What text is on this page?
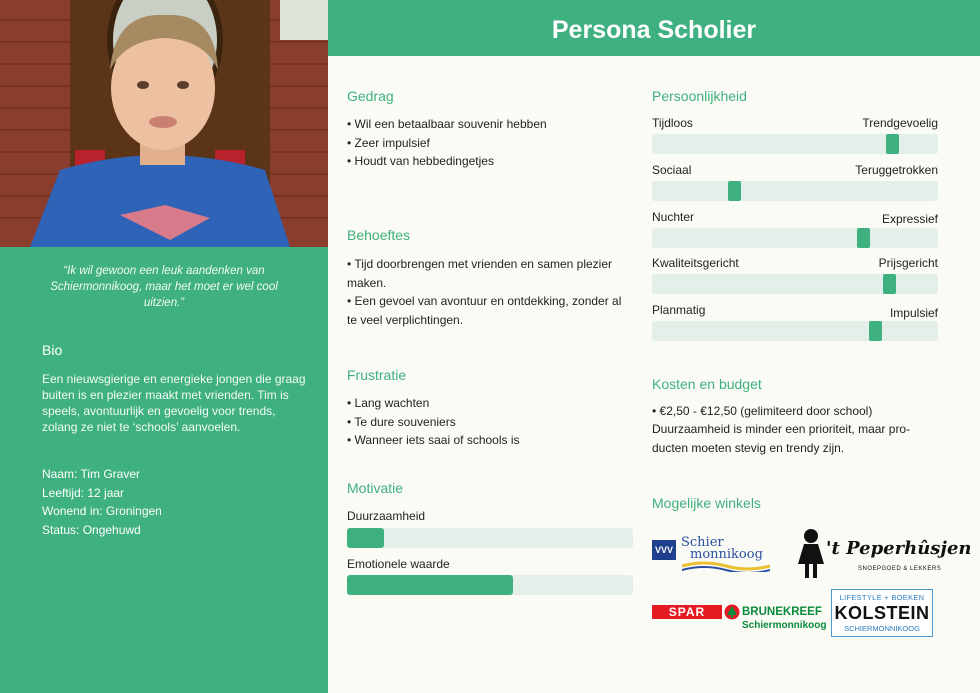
“Ik wil gewoon een leuk aandenken van Schiermonnikoog, maar het moet er wel cool uitzien.”
Bio
Een nieuwsgierige en energieke jongen die graag buiten is en plezier maakt met vrienden. Tim is speels, avontuurlijk en gevoelig voor trends, zolang ze niet te ‘schools’ aanvoelen.
Naam: Tim Graver
Leeftijd: 12 jaar
Wonend in: Groningen
Status: Ongehuwd
Persona Scholier
Gedrag
• Wil een betaalbaar souvenir hebben
• Zeer impulsief
• Houdt van hebbedingetjes
Behoeftes
• Tijd doorbrengen met vrienden en samen plezier maken.
• Een gevoel van avontuur en ontdekking, zonder al te veel verplichtingen.
Frustratie
• Lang wachten
• Te dure souveniers
• Wanneer iets saai of schools is
Motivatie
Duurzaamheid
Emotionele waarde
Persoonlijkheid
Tijdloos	Trendgevoelig
Sociaal	Teruggetrokken
Nuchter	Expressief
Kwaliteitsgericht	Prijsgericht
Planmatig	Impulsief
Kosten en budget
• €2,50 - €12,50 (gelimiteerd door school)
Duurzaamheid is minder een prioriteit, maar pro-ducten moeten stevig en trendy zijn.
Mogelijke winkels
VVV Schier
monnikoog	't Peperhûsjen
SNOEPGOED & LEKKERS
SPAR	BRUNEKREEF
Schiermonnikoog
LIFESTYLE + BOEKEN
KOLSTEIN
SCHIERMONNIKOOG
